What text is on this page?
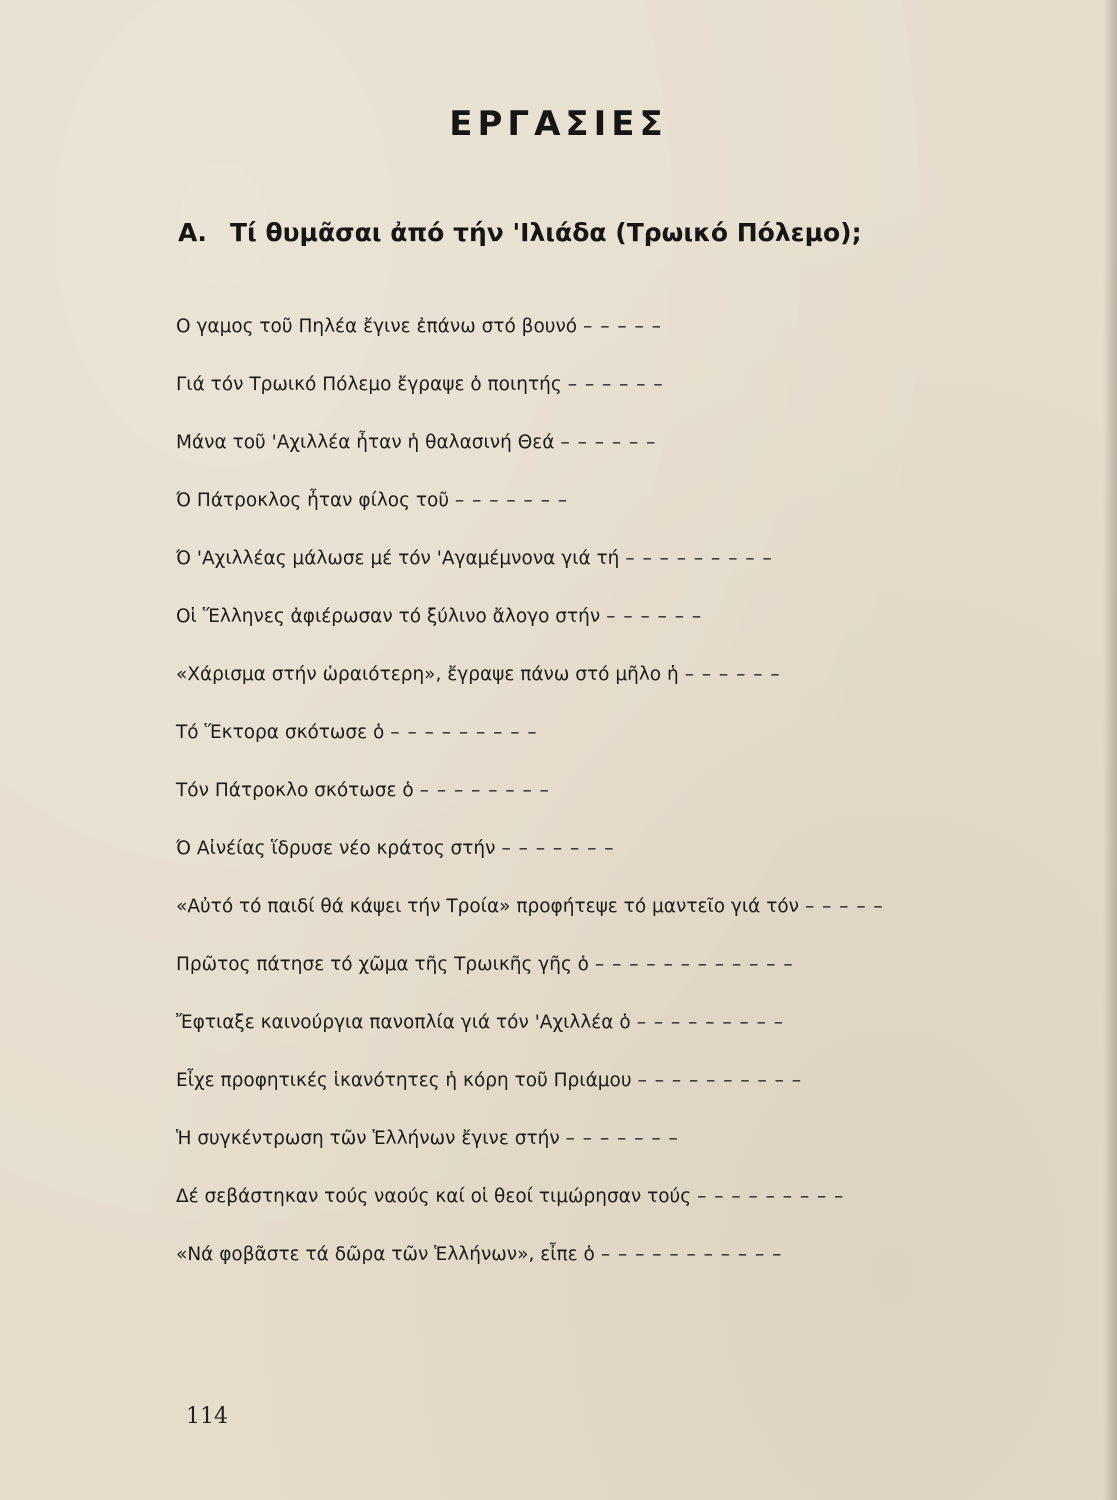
ΕΡΓΑΣΙΕΣ
Α. Τί θυμᾶσαι ἀπό τήν 'Ιλιάδα (Τρωικό Πόλεμο);
Ο γαμος τοῦ Πηλέα ἔγινε ἐπάνω στό βουνό – – – – –
Γιά τόν Τρωικό Πόλεμο ἔγραψε ὁ ποιητής – – – – – –
Μάνα τοῦ 'Αχιλλέα ἦταν ἡ θαλασινή Θεά – – – – – –
Ό Πάτροκλος ἦταν φίλος τοῦ – – – – – – –
Ό 'Αχιλλέας μάλωσε μέ τόν 'Αγαμέμνονα γιά τή – – – – – – – – –
Οἱ Ἕλληνες ἀφιέρωσαν τό ξύλινο ἄλογο στήν – – – – – –
«Χάρισμα στήν ὡραιότερη», ἔγραψε πάνω στό μῆλο ἡ – – – – – –
Τό Ἕκτορα σκότωσε ὁ – – – – – – – – –
Τόν Πάτροκλο σκότωσε ὁ – – – – – – – –
Ό Αἰνέίας ἵδρυσε νέο κράτος στήν – – – – – – –
«Αὐτό τό παιδί θά κάψει τήν Τροία» προφήτεψε τό μαντεῖο γιά τόν – – – – –
Πρῶτος πάτησε τό χῶμα τῆς Τρωικῆς γῆς ὁ – – – – – – – – – – – –
Ἔφτιαξε καινούργια πανοπλία γιά τόν 'Αχιλλέα ὁ – – – – – – – – –
Εἶχε προφητικές ἱκανότητες ἡ κόρη τοῦ Πριάμου – – – – – – – – – –
Ἡ συγκέντρωση τῶν Ἑλλήνων ἔγινε στήν – – – – – – –
Δέ σεβάστηκαν τούς ναούς καί οἱ θεοί τιμώρησαν τούς – – – – – – – – –
«Νά φοβᾶστε τά δῶρα τῶν Ἑλλήνων», εἶπε ὁ – – – – – – – – – – –
114
